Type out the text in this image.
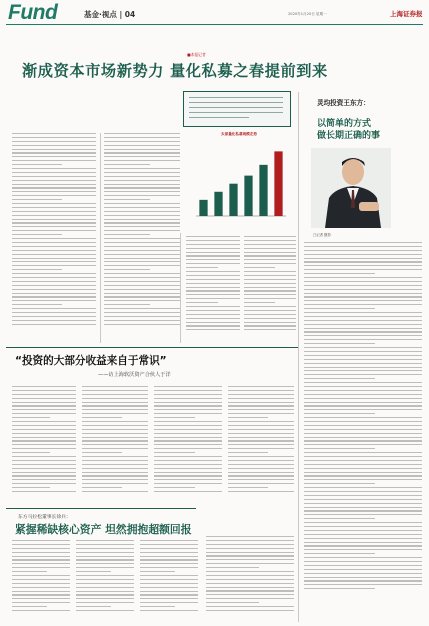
Fund	基金·视点 | 04	2020年1月20日 星期一	上海证券报
■本报记者
渐成资本市场新势力 量化私募之春提前到来
头部量化私募规模走势
灵均投资王东方：
以简单的方式
做长期正确的事
□记者 摄影
“投资的大部分收益来自于常识”
——访上海软沃资产合伙人于洋
东方马拉松董事长徐兵：
紧握稀缺核心资产 坦然拥抱超额回报
